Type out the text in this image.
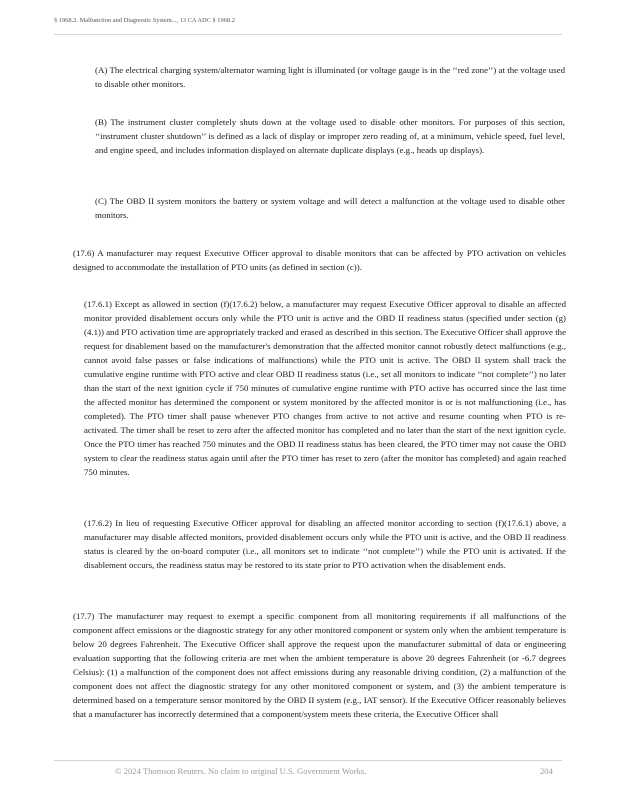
§ 1968.2. Malfunction and Diagnostic System..., 13 CA ADC § 1968.2

(A) The electrical charging system/alternator warning light is illuminated (or voltage gauge is in the ‘‘red zone’’) at the voltage used to disable other monitors.

(B) The instrument cluster completely shuts down at the voltage used to disable other monitors. For purposes of this section, ‘‘instrument cluster shutdown’’ is defined as a lack of display or improper zero reading of, at a minimum, vehicle speed, fuel level, and engine speed, and includes information displayed on alternate duplicate displays (e.g., heads up displays).

(C) The OBD II system monitors the battery or system voltage and will detect a malfunction at the voltage used to disable other monitors.

(17.6) A manufacturer may request Executive Officer approval to disable monitors that can be affected by PTO activation on vehicles designed to accommodate the installation of PTO units (as defined in section (c)).

(17.6.1) Except as allowed in section (f)(17.6.2) below, a manufacturer may request Executive Officer approval to disable an affected monitor provided disablement occurs only while the PTO unit is active and the OBD II readiness status (specified under section (g)(4.1)) and PTO activation time are appropriately tracked and erased as described in this section. The Executive Officer shall approve the request for disablement based on the manufacturer's demonstration that the affected monitor cannot robustly detect malfunctions (e.g., cannot avoid false passes or false indications of malfunctions) while the PTO unit is active. The OBD II system shall track the cumulative engine runtime with PTO active and clear OBD II readiness status (i.e., set all monitors to indicate ‘‘not complete’’) no later than the start of the next ignition cycle if 750 minutes of cumulative engine runtime with PTO active has occurred since the last time the affected monitor has determined the component or system monitored by the affected monitor is or is not malfunctioning (i.e., has completed). The PTO timer shall pause whenever PTO changes from active to not active and resume counting when PTO is re-activated. The timer shall be reset to zero after the affected monitor has completed and no later than the start of the next ignition cycle. Once the PTO timer has reached 750 minutes and the OBD II readiness status has been cleared, the PTO timer may not cause the OBD system to clear the readiness status again until after the PTO timer has reset to zero (after the monitor has completed) and again reached 750 minutes.

(17.6.2) In lieu of requesting Executive Officer approval for disabling an affected monitor according to section (f)(17.6.1) above, a manufacturer may disable affected monitors, provided disablement occurs only while the PTO unit is active, and the OBD II readiness status is cleared by the on-board computer (i.e., all monitors set to indicate ‘‘not complete’’) while the PTO unit is activated. If the disablement occurs, the readiness status may be restored to its state prior to PTO activation when the disablement ends.

(17.7) The manufacturer may request to exempt a specific component from all monitoring requirements if all malfunctions of the component affect emissions or the diagnostic strategy for any other monitored component or system only when the ambient temperature is below 20 degrees Fahrenheit. The Executive Officer shall approve the request upon the manufacturer submittal of data or engineering evaluation supporting that the following criteria are met when the ambient temperature is above 20 degrees Fahrenheit (or -6.7 degrees Celsius): (1) a malfunction of the component does not affect emissions during any reasonable driving condition, (2) a malfunction of the component does not affect the diagnostic strategy for any other monitored component or system, and (3) the ambient temperature is determined based on a temperature sensor monitored by the OBD II system (e.g., IAT sensor). If the Executive Officer reasonably believes that a manufacturer has incorrectly determined that a component/system meets these criteria, the Executive Officer shall

© 2024 Thomson Reuters. No claim to original U.S. Government Works.	204
